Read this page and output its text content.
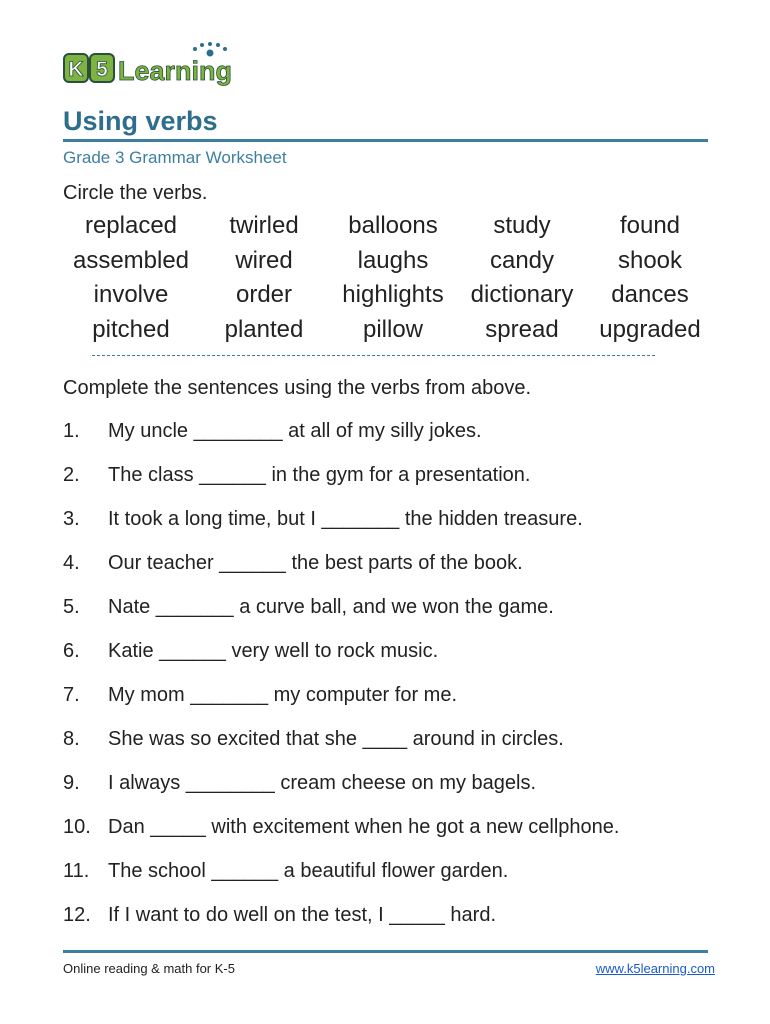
K 5 Learning
Using verbs
Grade 3 Grammar Worksheet
Circle the verbs.
replaced	twirled	balloons	study	found
assembled	wired	laughs	candy	shook
involve	order	highlights	dictionary	dances
pitched	planted	pillow	spread	upgraded
Complete the sentences using the verbs from above.
1.	My uncle ________ at all of my silly jokes.
2.	The class ______ in the gym for a presentation.
3.	It took a long time, but I _______ the hidden treasure.
4.	Our teacher ______ the best parts of the book.
5.	Nate _______ a curve ball, and we won the game.
6.	Katie ______ very well to rock music.
7.	My mom _______ my computer for me.
8.	She was so excited that she ____ around in circles.
9.	I always ________ cream cheese on my bagels.
10. Dan _____ with excitement when he got a new cellphone.
11. The school ______ a beautiful flower garden.
12. If I want to do well on the test, I _____ hard.
Online reading & math for K-5	www.k5learning.com
